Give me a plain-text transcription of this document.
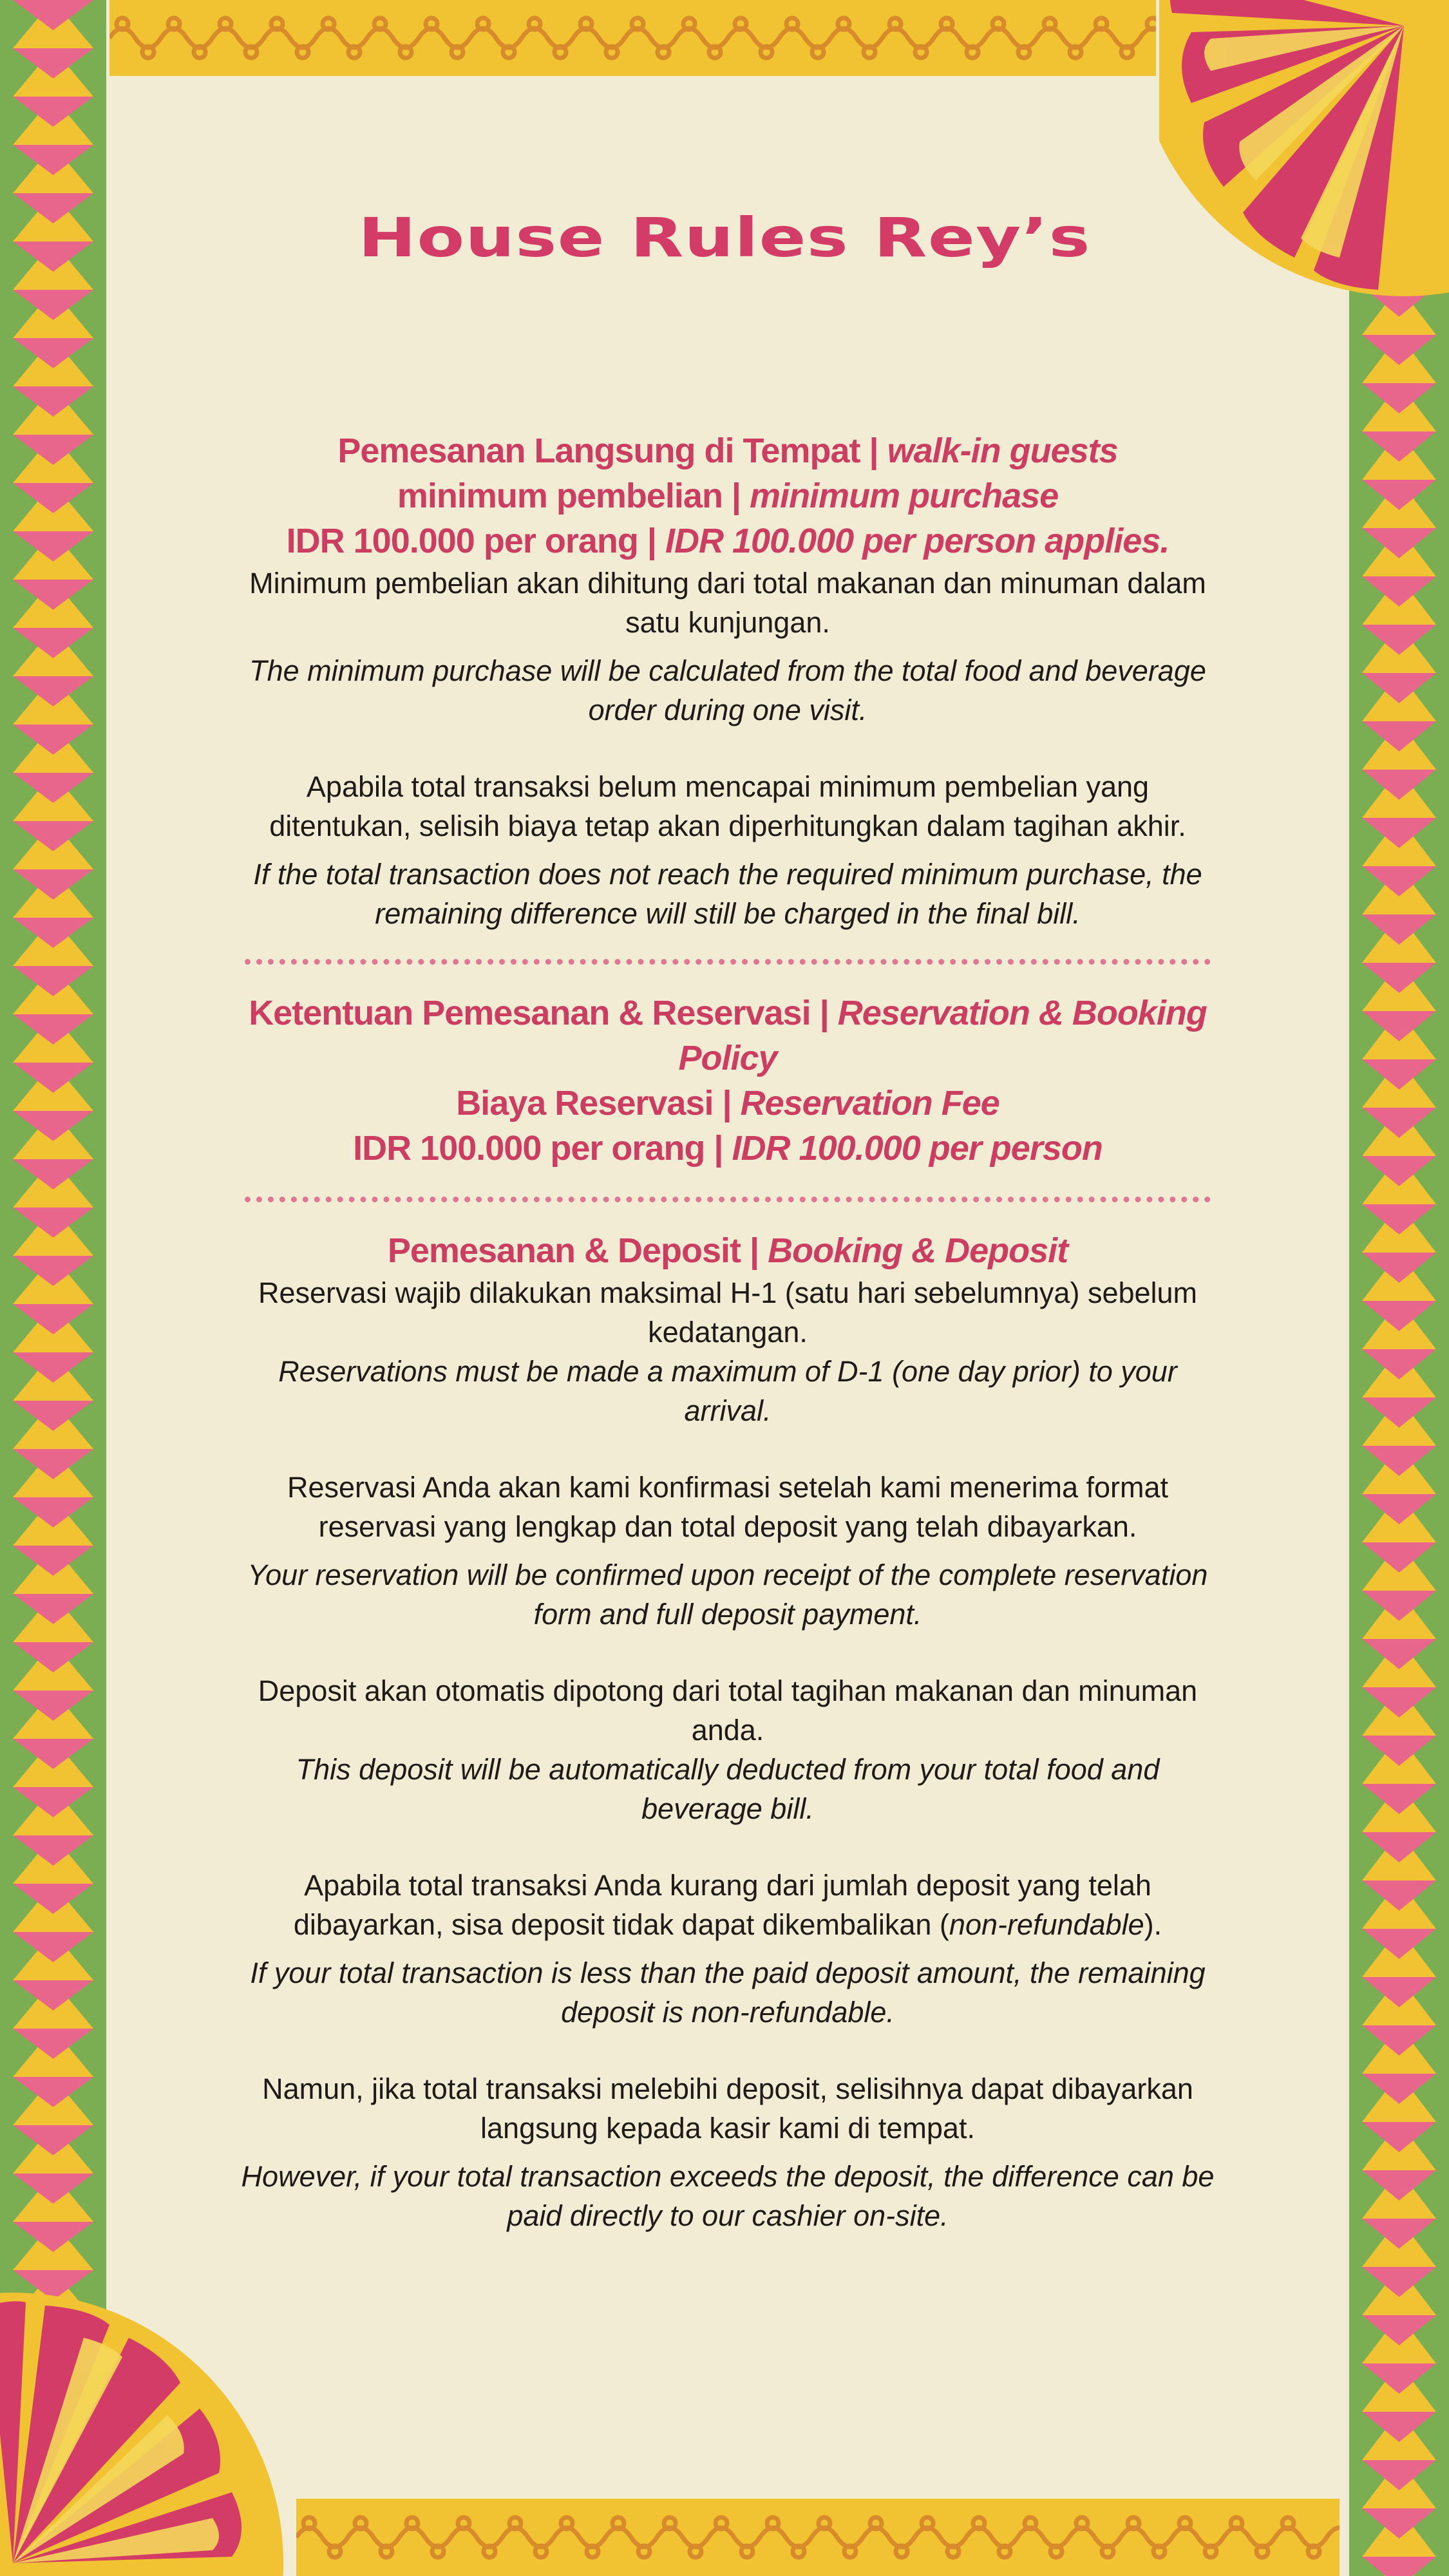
House Rules Rey’s
Pemesanan Langsung di Tempat | walk-in guests
minimum pembelian | minimum purchase
IDR 100.000 per orang | IDR 100.000 per person applies.

Minimum pembelian akan dihitung dari total makanan dan minuman dalam satu kunjungan.

The minimum purchase will be calculated from the total food and beverage order during one visit.

Apabila total transaksi belum mencapai minimum pembelian yang ditentukan, selisih biaya tetap akan diperhitungkan dalam tagihan akhir.

If the total transaction does not reach the required minimum purchase, the remaining difference will still be charged in the final bill.

Ketentuan Pemesanan & Reservasi | Reservation & Booking Policy
Biaya Reservasi | Reservation Fee
IDR 100.000 per orang | IDR 100.000 per person
Pemesanan & Deposit | Booking & Deposit

Reservasi wajib dilakukan maksimal H-1 (satu hari sebelumnya) sebelum kedatangan.

Reservations must be made a maximum of D-1 (one day prior) to your arrival.

Reservasi Anda akan kami konfirmasi setelah kami menerima format reservasi yang lengkap dan total deposit yang telah dibayarkan.

Your reservation will be confirmed upon receipt of the complete reservation form and full deposit payment.

Deposit akan otomatis dipotong dari total tagihan makanan dan minuman anda.

This deposit will be automatically deducted from your total food and beverage bill.

Apabila total transaksi Anda kurang dari jumlah deposit yang telah dibayarkan, sisa deposit tidak dapat dikembalikan (non-refundable).

If your total transaction is less than the paid deposit amount, the remaining deposit is non-refundable.

Namun, jika total transaksi melebihi deposit, selisihnya dapat dibayarkan

langsung kepada kasir kami di tempat.

However, if your total transaction exceeds the deposit, the difference can be paid directly to our cashier on-site.
